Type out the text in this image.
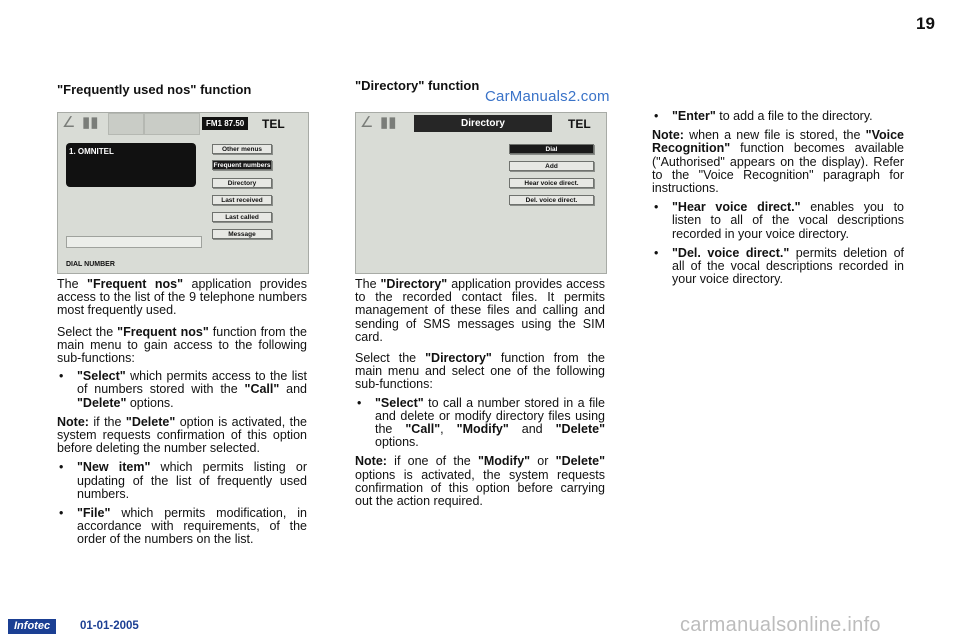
19
"Frequently used nos" function
∠ ▮▮	FM1 87.50	TEL
1. OMNITEL	Other menus
Frequent numbers
Directory
Last received
Last called
Message
DIAL NUMBER

The "Frequent nos" application provides access to the list of the 9 telephone numbers most frequently used.

Select the "Frequent nos" function from the main menu to gain access to the following sub-functions:

• "Select" which permits access to the list of numbers stored with the "Call" and "Delete" options.
Note: if the "Delete" option is activated, the system requests confirmation of this option before deleting the number selected.
• "New item" which permits listing or updating of the list of frequently used numbers.
• "File" which permits modification, in accordance with requirements, of the order of the numbers on the list.
"Directory" function
CarManuals2.com
∠ ▮▮	Directory	TEL
Dial
Add
Hear voice direct.
Del. voice direct.

The "Directory" application provides access to the recorded contact files. It permits management of these files and calling and sending of SMS messages using the SIM card.

Select the "Directory" function from the main menu and select one of the following sub-functions:

• "Select" to call a number stored in a file and delete or modify directory files using the "Call", "Modify" and "Delete" options.
Note: if one of the "Modify" or "Delete" options is activated, the system requests confirmation of this option before carrying out the action required.
• "Enter" to add a file to the directory.
Note: when a new file is stored, the "Voice Recognition" function becomes available ("Authorised" appears on the display). Refer to the "Voice Recognition" paragraph for instructions.
• "Hear voice direct." enables you to listen to all of the vocal descriptions recorded in your voice directory.
• "Del. voice direct." permits deletion of all of the vocal descriptions recorded in your voice directory.
Infotec	01-01-2005	carmanualsonline.info
